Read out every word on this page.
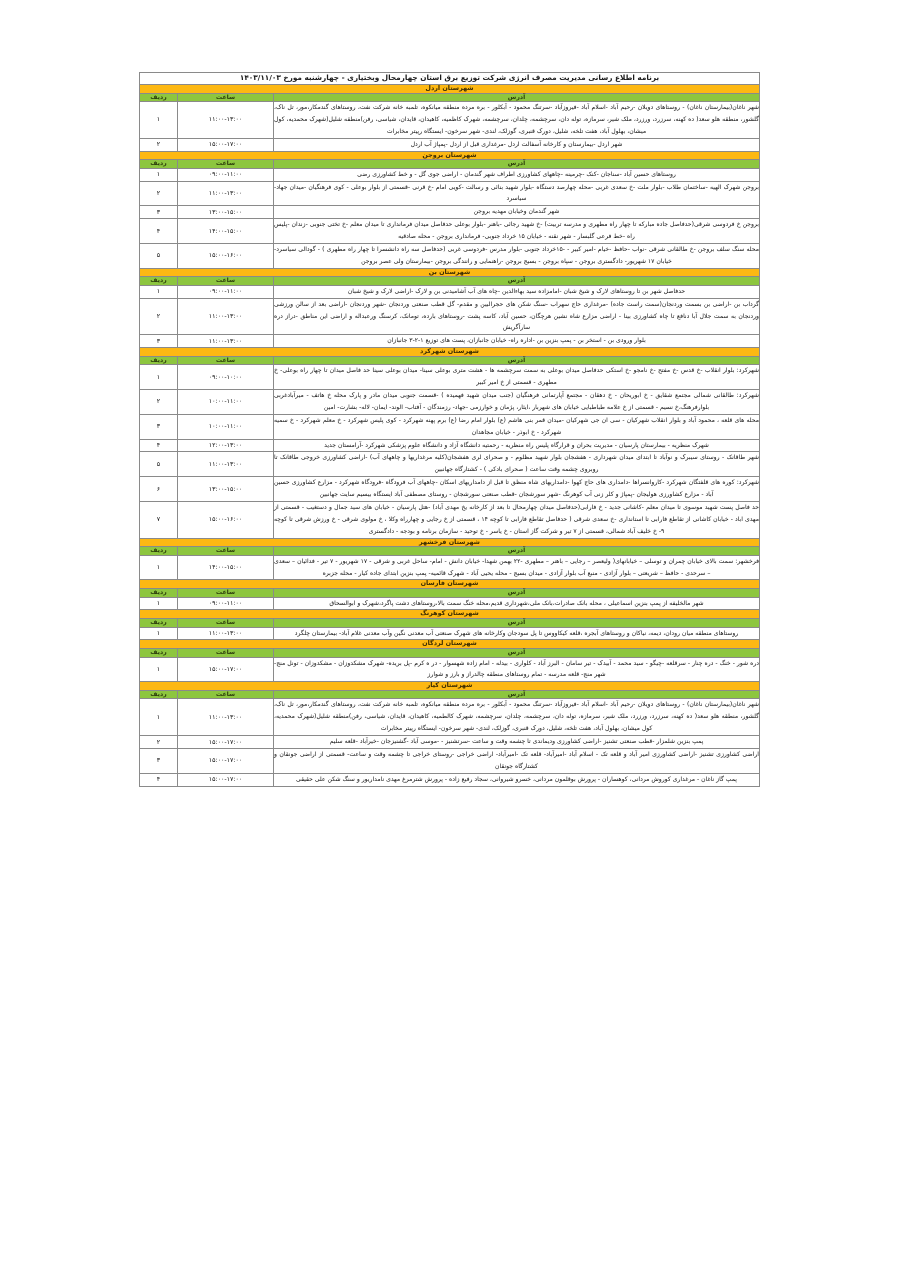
برنامه اطلاع رسانی مدیریت مصرف انرژی شرکت توزیع برق استان چهارمحال وبختیاری - چهارشنبه مورخ ۱۴۰۳/۱۱/۰۳		
شهرستان اردل		
آدرس	ساعت	ردیف
شهر ناغان(بیمارستان ناغان) - روستاهای دویلان -رحیم آباد -اسلام آباد -فیروزآباد -سرتنگ محمود - آبکلور - بره مرده منطقه میانکوه، تلمبه خانه شرکت نفت، روستاهای گندمکار،مور، تل ناک، گلشور، منطقه هلو سعد( ده کهنه، سرزرد، ورزرد، ملک شیر، سرمازه، توله دان، سرچشمه، چلدان، سرچشمه، شهرک کاظمیه، کاهیدان، قایدان، شیاسی، رفن)منطقه شلیل(شهرک محمدیه، کول میشان، بهلول آباد، هفت تلخه، شلیل، دورک قنبری، گوزلک، لندی- شهر سرخون- ایستگاه رپیتر مخابرات	۱۱:۰۰-۱۳:۰۰	۱
شهر اردل -بیمارستان و کارخانه آسفالت اردل -مرغداری قبل از اردل -پمپاژ آب اردل	۱۵:۰۰-۱۷:۰۰	۲
شهرستان بروجن		
آدرس	ساعت	ردیف
روستاهای حسین آباد -سناجان -کنک -چرمینه -چاههای کشاورزی اطراف شهر گندمان - اراضی جوی گل - و خط کشاورزی رضی	۰۹:۰۰-۱۱:۰۰	۱
بروجن شهرک الهیه -ساختمان طلاب -بلوار ملت -خ سعدی غربی -محله چهارصد دستگاه -بلوار شهید بنائی و رسالت -کویی امام -خ قرنی -قسمتی از بلوار بوعلی - کوی فرهنگیان -میدان جهاد- سیاسرد	۱۱:۰۰-۱۳:۰۰	۲
شهر گندمان وخیابان مهدیه بروجن	۱۳:۰۰-۱۵:۰۰	۳
بروجن خ فردوسی شرقی(حدفاصل جاده مبارکه تا چهار راه مطهری و مدرسه تربیت) -خ شهید رجائی -باهنر -بلوار بوعلی حدفاصل میدان فرمانداری تا میدان معلم -خ تختی جنوبی -زندان -پلیس راه -خط فرعی گلبسار - شهر نقنه - خیابان ۱۵ خرداد جنوبی- فرمانداری بروجن - محله صادقیه	۱۴:۰۰-۱۵:۰۰	۴
محله سنگ سلف بروجن -خ طالقانی شرقی -نواب -حافظ -خیام -امیر کبیر - -۱۵خرداد جنوبی -بلوار مدرس -فردوسی غربی (حدفاصل سه راه دانشسرا تا چهار راه مطهری ) - گودالی سیاسرد- خیابان ۱۷ شهریور- دادگستری بروجن - سپاه بروجن - بسیج بروجن -راهنمایی و رانندگی بروجن -بیمارستان ولی عصر بروجن	۱۵:۰۰-۱۶:۰۰	۵
شهرستان بن		
آدرس	ساعت	ردیف
حدفاصل شهر بن تا روستاهای لارک و شیخ شبان -امامزاده سید بهاءالدین -چاه های آب آشامیدنی بن و لارک -اراضی لارک و شیخ شبان	۰۹:۰۰-۱۱:۰۰	۱
گرداب بن -اراضی بن بسمت وردنجان(سمت راست جاده) -مرغداری حاج سهراب -سنگ شکن های حجرالبین و مقدم- گل قطب صنعتی وردنجان -شهر وردنجان -اراضی بعد از سالن ورزشی وردنجان به سمت جلال آبا دنافع تا چاه کشاورزی بینا - اراضی مزارع شاه نشین هرچگان، حسین آباد، کاسه پشت -روستاهای بارده، تومانک، کرسنگ ورعبداله و اراضی این مناطق -دراز دره سارآگریش	۱۱:۰۰-۱۳:۰۰	۲
بلوار ورودی بن - استخر بن - پمپ بنزین بن -اداره راه- خیابان جانبازان، پست های توزیع ۱-۲-۳ جانبازان	۱۱:۰۰-۱۳:۰۰	۳
شهرستان شهرکرد		
آدرس	ساعت	ردیف
شهرکرد: بلوار انقلاب -خ قدس -خ مفتح -خ نامجو -خ استکی حدفاصل میدان بوعلی به سمت سرچشمه ها - هشت متری بوعلی سینا- میدان بوعلی سینا حد فاصل میدان تا چهار راه بوعلی- خ مطهری - قسمتی از خ امیر کبیر	۰۹:۰۰-۱۰:۰۰	۱
شهرکرد: طالقانی شمالی مجتمع شقایق - خ ابوریحان - خ دهقان - مجتمع آپارتمانی فرهنگیان (جنب میدان شهید فهمیده ) -قسمت جنوبی میدان مادر و پارک محله خ هاتف - میرآبادغربی بلوارفرهنگ،خ نسیم - قسمتی از خ علامه طباطبایی خیابان های شهربار ،ایثار، پژمان و خوارزمی -جهاد- رزمندگان - آفتاب- الوند- ایمان- لاله- بشارت- امین	۱۰:۰۰-۱۱:۰۰	۲
محله های قلعه ، محمود آباد و بلوار انقلاب شهرکیان - سی ان جی شهرکیان -میدان قمر بنی هاشم (ع) بلوار امام رضا (ع) برم پهنه شهرکرد - کوی پلیس شهرکرد - خ معلم شهرکرد - خ سمیه شهرکرد - خ ابوذر - خیابان مجاهدان	۱۰:۰۰-۱۱:۰۰	۳
شهرک منظریه - بیمارستان پارسیان - مدیریت بحران و قرارگاه پلیس راه منظریه - رحمتیه دانشگاه آزاد و دانشگاه علوم پزشکی شهرکرد -آرامستان جدید	۱۲:۰۰-۱۳:۰۰	۴
شهر طاقانک - روستای سیبرک و نوآباد تا ابتدای میدان شهرداری - هفشجان بلوار شهید مظلوم - و صحرای لری هفشجان(کلیه مرغداریها و چاههای آب) -اراضی کشاورزی خروجی طاقانک تا روبروی چشمه وقت ساعت ( صحرای بادکی ) - کشتارگاه جهانبین	۱۱:۰۰-۱۳:۰۰	۵
شهرکرد: کوره های قلفتگان شهرکرد -کاروانسراها -دامداری های حاج کهوا -دامداریهای شاه منظق تا قبل از دامداریهای اسکان -چاههای آب فرودگاه -فرودگاه شهرکرد - مزارع کشاورزی حسین آباد - مزارع کشاورزی هولیجان -پمپاژ و کلر زنی آب کوهرنگ -شهر سورشجان -قطب صنعتی سورشجان - روستای مصطفی آباد ایستگاه بیسیم سایت جهانبین	۱۳:۰۰-۱۵:۰۰	۶
حد فاصل پست شهید موسوی تا میدان معلم -کاشانی جدید - خ فارابی(حدفاصل میدان چهارمحال تا بعد از کارخانه یخ مهدی آباد) -هتل پارسیان - خیابان های سید جمال و دستغیب - قسمتی از مهدی اباد - خیابان کاشانی از تقاطع فارابی تا استانداری -خ سعدی شرقی ( حدفاصل تقاطع فارابی تا کوچه ۱۴ ، قسمتی از خ رجایی و چهارراه وکلا ، خ مولوی شرقی - خ ورزش شرقی تا کوچه ۹- خ خلیف آباد شمالی، قسمتی از ۷ تیر و شرکت گاز استان - خ یاسر - خ توحید - سازمان برنامه و بودجه - دادگستری	۱۵:۰۰-۱۶:۰۰	۷
شهرستان فرخشهر		
آدرس	ساعت	ردیف
فرخشهر: سمت بالای خیابان چمران و توسلی – خیابانهای( ولیعصر – رجایی – باهنر – مطهری -۲۲ بهمن شهدا- خیابان دانش - امام- ساحل غربی و شرقی - ۱۷ شهریور - ۷ تیر - فدائیان – سعدی – سرحدی - حافظ – شریعتی – بلوار آزادی - منبع آب بلوار آزادی - میدان بسیج - محله یحیی آباد - شهرک قائمیه- پمپ بنزین ابتدای جاده کیار - محله جزبره	۱۴:۰۰-۱۵:۰۰	۱
شهرستان فارسان		
آدرس	ساعت	ردیف
شهر مالخلیفه از پمپ بنزین اسماعیلی ، محله بانک صادرات،بانک ملی،شهرداری قدیم،محله خنگ سمت بالا،روستاهای دشت پاگرد،شهرک و ابوالسحاق	۰۹:۰۰-۱۱:۰۰	۱
شهرستان کوهرنگ		
آدرس	ساعت	ردیف
روستاهای منطقه میان رودان، دیمه، نیاکان و روستاهای آبجره ،قلعه کیکاووس تا پل سودجان وکارخانه های شهرک صنعتی آب معدنی نگین وآب معدنی غلام آباد- بیمارستان چلگرد	۱۱:۰۰-۱۳:۰۰	۱
شهرستان لردگان		
آدرس	ساعت	ردیف
دره شور - خنگ - دره چنار - سرقلعه -چیگو - سید محمد - آبیدک - تیر سامان - البرز آباد - کلواری - بیدله - امام زاده شهسوار - در ه کرم -پل بریده- شهرک مشکدوزان - مشکدوزان - تونل منج- شهر منج- قلعه مدرسه - تمام روستاهای منطقه چالدراز و بارز و شوارز	۱۵:۰۰-۱۷:۰۰	۱
شهرستان کیار		
آدرس	ساعت	ردیف
شهر ناغان(بیمارستان ناغان) - روستاهای دویلان -رحیم آباد -اسلام آباد -فیروزآباد -سرتنگ محمود - آبکلور - بره مرده منطقه میانکوه، تلمبه خانه شرکت نفت، روستاهای گندمکار،مور، تل ناک، گلشور، منطقه هلو سعد( ده کهنه، سرزرد، ورزرد، ملک شیر، سرمازه، توله دان، سرچشمه، چلدان، سرچشمه، شهرک کالطمیه، کاهیدان، قایدان، شیاسی، رفن)منطقه شلیل(شهرک محمدیه، کول میشان، بهلول آباد، هفت تلخه، شلیل، دورک قنبری، گوزلک، لندی- شهر سرخون- ایستگاه رپیتر مخابرات	۱۱:۰۰-۱۳:۰۰	۱
پمپ بنزین شلمزار -قطب صنعتی تشنیز -اراضی کشاورزی ودیماندی تا چشمه وقت و ساعت -سرتشنیز - -موسی آباد -گشنیزجان -خیرآباد -قلعه سلیم	۱۵:۰۰-۱۷:۰۰	۲
اراضی کشاورزی تشنیز -اراضی کشاورزی امیر آباد و قلعه تک - اسلام آباد -امیرآباد- قلعه تک -امیرآباد- اراضی خراجی -روستای خراجی تا چشمه وقت و ساعت- قسمتی از اراضی جونقان و کشتارگاه جونقان	۱۵:۰۰-۱۷:۰۰	۳
پمپ گاز ناغان - مرغداری کوروش مردانی، کوهساران - پرورش بوقلمون مردانی، خسرو شیروانی، سجاد رفیع زاده - پرورش شترمرغ مهدی نامداریور و سنگ شکن علی حقیقی	۱۵:۰۰-۱۷:۰۰	۴
